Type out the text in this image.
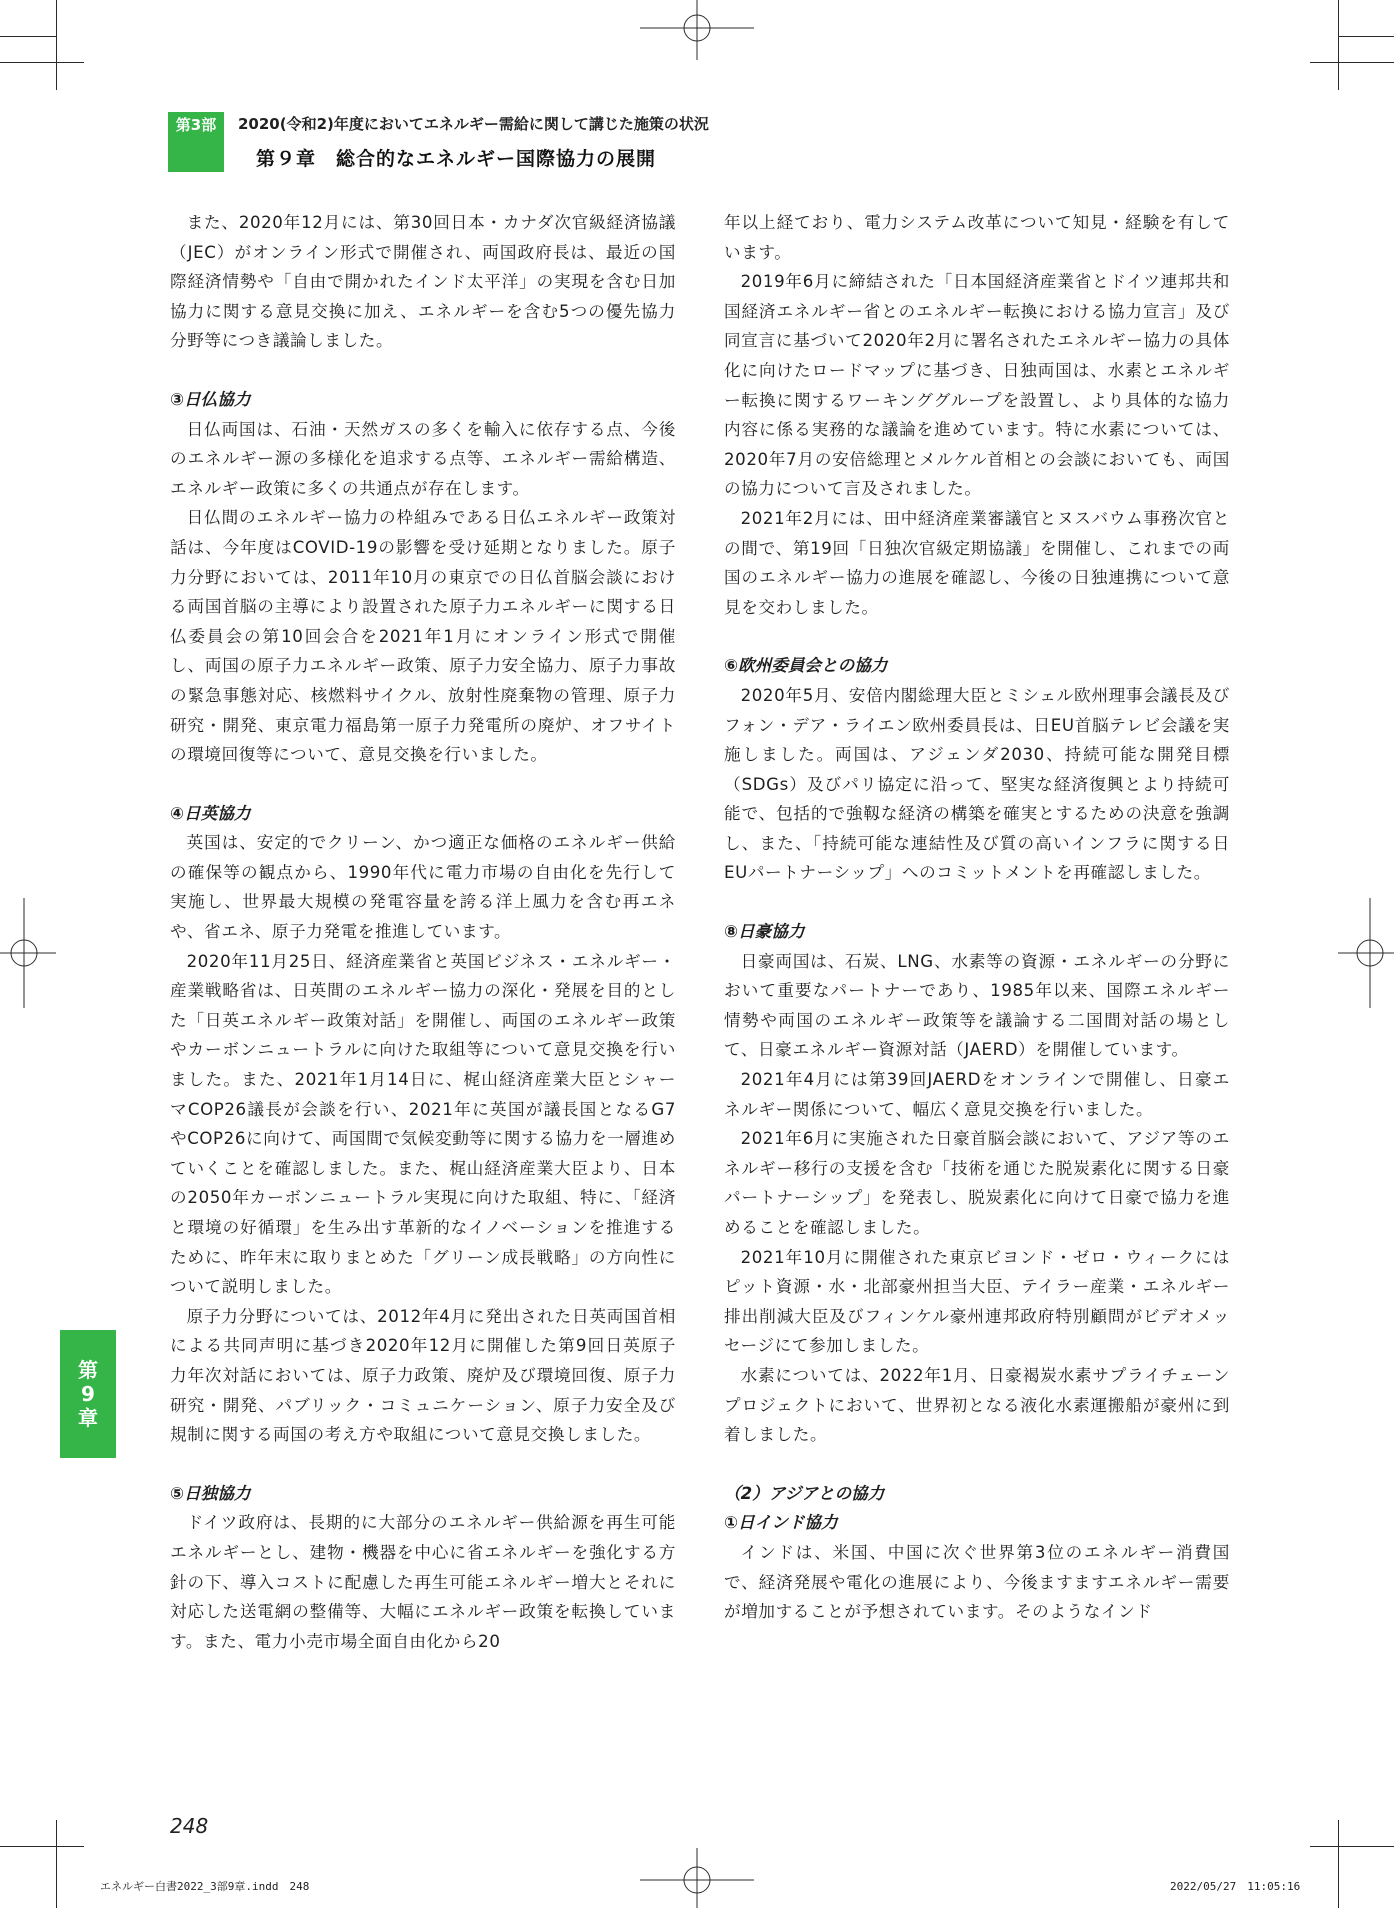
第3部	2020(令和2)年度においてエネルギー需給に関して講じた施策の状況
第９章　総合的なエネルギー国際協力の展開

また、2020年12月には、第30回日本・カナダ次官級経済協議（JEC）がオンライン形式で開催され、両国政府長は、最近の国際経済情勢や「自由で開かれたインド太平洋」の実現を含む日加協力に関する意見交換に加え、エネルギーを含む5つの優先協力分野等につき議論しました。

③日仏協力

日仏両国は、石油・天然ガスの多くを輸入に依存する点、今後のエネルギー源の多様化を追求する点等、エネルギー需給構造、エネルギー政策に多くの共通点が存在します。

日仏間のエネルギー協力の枠組みである日仏エネルギー政策対話は、今年度はCOVID-19の影響を受け延期となりました。原子力分野においては、2011年10月の東京での日仏首脳会談における両国首脳の主導により設置された原子力エネルギーに関する日仏委員会の第10回会合を2021年1月にオンライン形式で開催し、両国の原子力エネルギー政策、原子力安全協力、原子力事故の緊急事態対応、核燃料サイクル、放射性廃棄物の管理、原子力研究・開発、東京電力福島第一原子力発電所の廃炉、オフサイトの環境回復等について、意見交換を行いました。

④日英協力

英国は、安定的でクリーン、かつ適正な価格のエネルギー供給の確保等の観点から、1990年代に電力市場の自由化を先行して実施し、世界最大規模の発電容量を誇る洋上風力を含む再エネや、省エネ、原子力発電を推進しています。

2020年11月25日、経済産業省と英国ビジネス・エネルギー・産業戦略省は、日英間のエネルギー協力の深化・発展を目的とした「日英エネルギー政策対話」を開催し、両国のエネルギー政策やカーボンニュートラルに向けた取組等について意見交換を行いました。また、2021年1月14日に、梶山経済産業大臣とシャーマCOP26議長が会談を行い、2021年に英国が議長国となるG7やCOP26に向けて、両国間で気候変動等に関する協力を一層進めていくことを確認しました。また、梶山経済産業大臣より、日本の2050年カーボンニュートラル実現に向けた取組、特に、「経済と環境の好循環」を生み出す革新的なイノベーションを推進するために、昨年末に取りまとめた「グリーン成長戦略」の方向性について説明しました。

原子力分野については、2012年4月に発出された日英両国首相による共同声明に基づき2020年12月に開催した第9回日英原子力年次対話においては、原子力政策、廃炉及び環境回復、原子力研究・開発、パブリック・コミュニケーション、原子力安全及び規制に関する両国の考え方や取組について意見交換しました。

⑤日独協力

ドイツ政府は、長期的に大部分のエネルギー供給源を再生可能エネルギーとし、建物・機器を中心に省エネルギーを強化する方針の下、導入コストに配慮した再生可能エネルギー増大とそれに対応した送電網の整備等、大幅にエネルギー政策を転換しています。また、電力小売市場全面自由化から20

年以上経ており、電力システム改革について知見・経験を有しています。

2019年6月に締結された「日本国経済産業省とドイツ連邦共和国経済エネルギー省とのエネルギー転換における協力宣言」及び同宣言に基づいて2020年2月に署名されたエネルギー協力の具体化に向けたロードマップに基づき、日独両国は、水素とエネルギー転換に関するワーキンググループを設置し、より具体的な協力内容に係る実務的な議論を進めています。特に水素については、2020年7月の安倍総理とメルケル首相との会談においても、両国の協力について言及されました。

2021年2月には、田中経済産業審議官とヌスバウム事務次官との間で、第19回「日独次官級定期協議」を開催し、これまでの両国のエネルギー協力の進展を確認し、今後の日独連携について意見を交わしました。

⑥欧州委員会との協力

2020年5月、安倍内閣総理大臣とミシェル欧州理事会議長及びフォン・デア・ライエン欧州委員長は、日EU首脳テレビ会議を実施しました。両国は、アジェンダ2030、持続可能な開発目標（SDGs）及びパリ協定に沿って、堅実な経済復興とより持続可能で、包括的で強靱な経済の構築を確実とするための決意を強調し、また、「持続可能な連結性及び質の高いインフラに関する日EUパートナーシップ」へのコミットメントを再確認しました。

⑧日豪協力

日豪両国は、石炭、LNG、水素等の資源・エネルギーの分野において重要なパートナーであり、1985年以来、国際エネルギー情勢や両国のエネルギー政策等を議論する二国間対話の場として、日豪エネルギー資源対話（JAERD）を開催しています。

2021年4月には第39回JAERDをオンラインで開催し、日豪エネルギー関係について、幅広く意見交換を行いました。

2021年6月に実施された日豪首脳会談において、アジア等のエネルギー移行の支援を含む「技術を通じた脱炭素化に関する日豪パートナーシップ」を発表し、脱炭素化に向けて日豪で協力を進めることを確認しました。

2021年10月に開催された東京ビヨンド・ゼロ・ウィークにはピット資源・水・北部豪州担当大臣、テイラー産業・エネルギー排出削減大臣及びフィンケル豪州連邦政府特別顧問がビデオメッセージにて参加しました。

水素については、2022年1月、日豪褐炭水素サプライチェーンプロジェクトにおいて、世界初となる液化水素運搬船が豪州に到着しました。

（2）アジアとの協力
①日インド協力

インドは、米国、中国に次ぐ世界第3位のエネルギー消費国で、経済発展や電化の進展により、今後ますますエネルギー需要が増加することが予想されています。そのようなインド

第
9
章
248
エネルギー白書2022_3部9章.indd　248	2022/05/27　11:05:16
